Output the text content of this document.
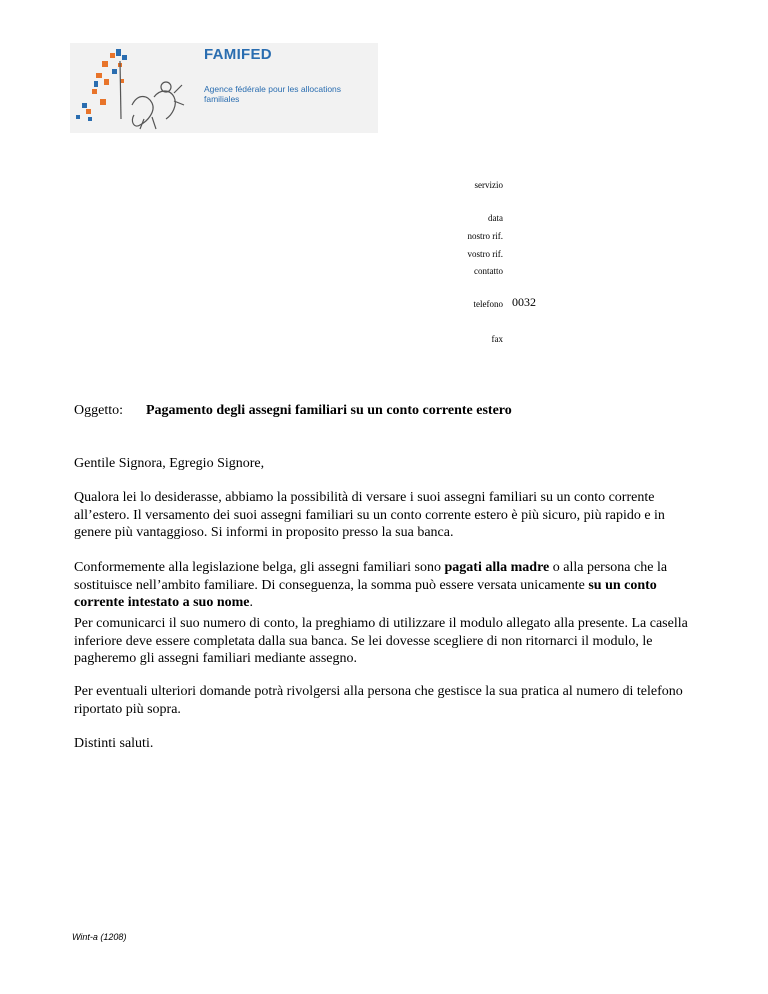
FAMIFED
Agence fédérale pour les allocations familiales
servizio
data
nostro rif.
vostro rif.
contatto
telefono 0032
fax
Oggetto: Pagamento degli assegni familiari su un conto corrente estero

Gentile Signora, Egregio Signore,

Qualora lei lo desiderasse, abbiamo la possibilità di versare i suoi assegni familiari su un conto corrente all’estero. Il versamento dei suoi assegni familiari su un conto corrente estero è più sicuro, più rapido e in genere più vantaggioso. Si informi in proposito presso la sua banca.

Conformemente alla legislazione belga, gli assegni familiari sono pagati alla madre o alla persona che la sostituisce nell’ambito familiare. Di conseguenza, la somma può essere versata unicamente su un conto corrente intestato a suo nome.

Per comunicarci il suo numero di conto, la preghiamo di utilizzare il modulo allegato alla presente. La casella inferiore deve essere completata dalla sua banca. Se lei dovesse scegliere di non ritornarci il modulo, le pagheremo gli assegni familiari mediante assegno.

Per eventuali ulteriori domande potrà rivolgersi alla persona che gestisce la sua pratica al numero di telefono riportato più sopra.

Distinti saluti.

Wint-a (1208)
